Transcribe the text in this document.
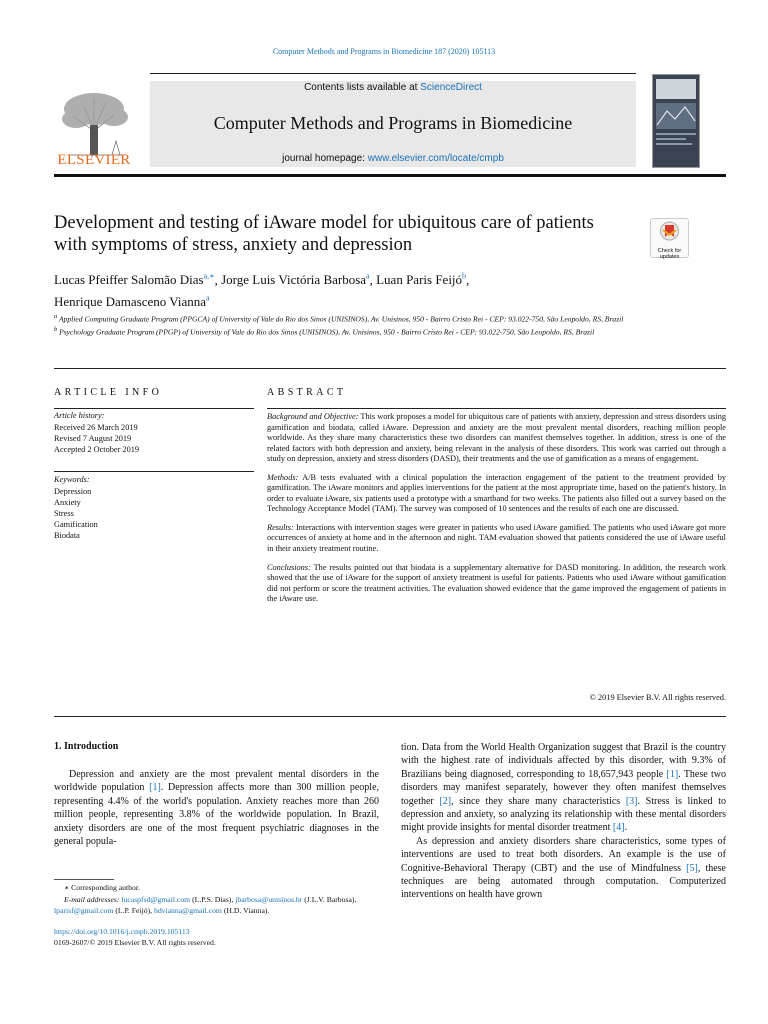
Computer Methods and Programs in Biomedicine 187 (2020) 105113
ELSEVIER
Contents lists available at ScienceDirect
Computer Methods and Programs in Biomedicine
journal homepage: www.elsevier.com/locate/cmpb
Development and testing of iAware model for ubiquitous care of patients with symptoms of stress, anxiety and depression	Check for
updates
Lucas Pfeiffer Salomão Dias$^{a,∗}$, Jorge Luis Victória Barbosa$^a$, Luan Paris Feijó$^b$,
Henrique Damasceno Vianna$^a$
$^a$ Applied Computing Graduate Program (PPGCA) of University of Vale do Rio dos Sinos (UNISINOS), Av. Unisinos, 950 - Bairro Cristo Rei - CEP: 93.022-750, São Leopoldo, RS, Brazil
$^b$ Psychology Graduate Program (PPGP) of University of Vale do Rio dos Sinos (UNISINOS), Av. Unisinos, 950 - Bairro Cristo Rei - CEP: 93.022-750, São Leopoldo, RS, Brazil
ARTICLE INFO
Article history:
Received 26 March 2019
Revised 7 August 2019
Accepted 2 October 2019
Keywords:
Depression
Anxiety
Stress
Gamification
Biodata
ABSTRACT

Background and Objective: This work proposes a model for ubiquitous care of patients with anxiety, depression and stress disorders using gamification and biodata, called iAware. Depression and anxiety are the most prevalent mental disorders, reaching million people worldwide. As they share many characteristics these two disorders can manifest themselves together. In addition, stress is one of the related factors with both depression and anxiety, being relevant in the analysis of these disorders. This work was carried out through a study on depression, anxiety and stress disorders (DASD), their treatments and the use of gamification as a means of engagement.

Methods: A/B tests evaluated with a clinical population the interaction engagement of the patient to the treatment provided by gamification. The iAware monitors and applies interventions for the patient at the most appropriate time, based on the patient's history. In order to evaluate iAware, six patients used a prototype with a smartband for two weeks. The patients also filled out a survey based on the Technology Acceptance Model (TAM). The survey was composed of 10 sentences and the results of each one are discussed.

Results: Interactions with intervention stages were greater in patients who used iAware gamified. The patients who used iAware got more occurrences of anxiety at home and in the afternoon and night. TAM evaluation showed that patients considered the use of iAware useful in their anxiety treatment routine.

Conclusions: The results pointed out that biodata is a supplementary alternative for DASD monitoring. In addition, the research work showed that the use of iAware for the support of anxiety treatment is useful for patients. Patients who used iAware without gamification did not perform or score the treatment activities. The evaluation showed evidence that the game improved the engagement of patients in the iAware use.

© 2019 Elsevier B.V. All rights reserved.
1. Introduction
Depression and anxiety are the most prevalent mental disorders in the worldwide population [1]. Depression affects more than 300 million people, representing 4.4% of the world's population. Anxiety reaches more than 260 million people, representing 3.8% of the worldwide population. In Brazil, anxiety disorders are one of the most frequent psychiatric diagnoses in the general popula-

tion. Data from the World Health Organization suggest that Brazil is the country with the highest rate of individuals affected by this disorder, with 9.3% of Brazilians being diagnosed, corresponding to 18,657,943 people [1]. These two disorders may manifest separately, however they often manifest themselves together [2], since they share many characteristics [3]. Stress is linked to depression and anxiety, so analyzing its relationship with these mental disorders might provide insights for mental disorder treatment [4].

As depression and anxiety disorders share characteristics, some types of interventions are used to treat both disorders. An example is the use of Cognitive-Behavioral Therapy (CBT) and the use of Mindfulness [5], these techniques are being automated through computation. Computerized interventions on health have grown

∗ Corresponding author.

E-mail addresses: lucaspfsd@gmail.com (L.P.S. Dias), jbarbosa@unisinos.br (J.L.V. Barbosa), lparisf@gmail.com (L.P. Feijó), hdvianna@gmail.com (H.D. Vianna).

https://doi.org/10.1016/j.cmpb.2019.105113
0169-2607/© 2019 Elsevier B.V. All rights reserved.
